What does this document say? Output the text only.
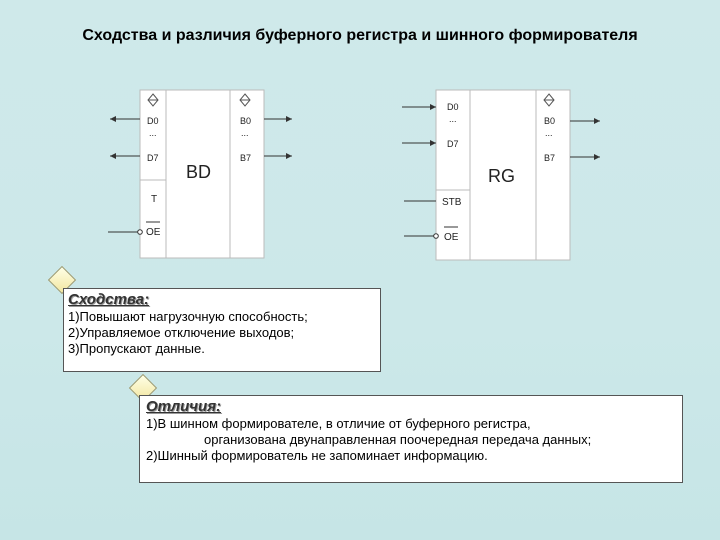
Сходства и различия буферного регистра и шинного формирователя
D0
...
D7
B0
...
B7
BD
T
OE
D0
...
D7
B0
...
B7
RG
STB
OE
Сходства:
1)Повышают нагрузочную способность;
2)Управляемое отключение выходов;
3)Пропускают данные.
Отличия:
1)В шинном формирователе, в отличие от буферного регистра,
организована двунаправленная поочередная передача данных;
2)Шинный формирователь не запоминает информацию.
